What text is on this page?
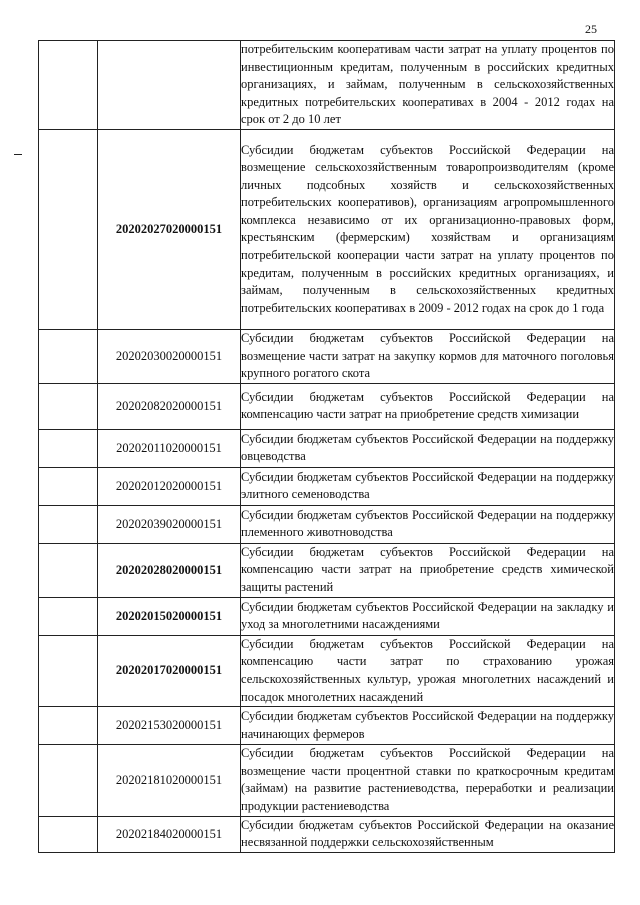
25

		потребительским кооперативам части затрат на уплату процентов по инвестиционным кредитам, полученным в российских кредитных организациях, и займам, полученным в сельскохозяйственных кредитных потребительских кооперативах в 2004 - 2012 годах на срок от 2 до 10 лет

	20202027020000151	Субсидии бюджетам субъектов Российской Федерации на возмещение сельскохозяйственным товаропроизводителям (кроме личных подсобных хозяйств и сельскохозяйственных потребительских кооперативов), организациям агропромышленного комплекса независимо от их организационно-правовых форм, крестьянским (фермерским) хозяйствам и организациям потребительской кооперации части затрат на уплату процентов по кредитам, полученным в российских кредитных организациях, и займам, полученным в сельскохозяйственных кредитных потребительских кооперативах в 2009 - 2012 годах на срок до 1 года

	20202030020000151	Субсидии бюджетам субъектов Российской Федерации на возмещение части затрат на закупку кормов для маточного поголовья крупного рогатого скота

	20202082020000151	Субсидии бюджетам субъектов Российской Федерации на компенсацию части затрат на приобретение средств химизации

	20202011020000151	Субсидии бюджетам субъектов Российской Федерации на поддержку овцеводства

	20202012020000151	Субсидии бюджетам субъектов Российской Федерации на поддержку элитного семеноводства

	20202039020000151	Субсидии бюджетам субъектов Российской Федерации на поддержку племенного животноводства

	20202028020000151	Субсидии бюджетам субъектов Российской Федерации на компенсацию части затрат на приобретение средств химической защиты растений

	20202015020000151	Субсидии бюджетам субъектов Российской Федерации на закладку и уход за многолетними насаждениями

	20202017020000151	Субсидии бюджетам субъектов Российской Федерации на компенсацию части затрат по страхованию урожая сельскохозяйственных культур, урожая многолетних насаждений и посадок многолетних насаждений

	20202153020000151	Субсидии бюджетам субъектов Российской Федерации на поддержку начинающих фермеров

	20202181020000151	Субсидии бюджетам субъектов Российской Федерации на возмещение части процентной ставки по краткосрочным кредитам (займам) на развитие растениеводства, переработки и реализации продукции растениеводства

	20202184020000151	Субсидии бюджетам субъектов Российской Федерации на оказание несвязанной поддержки сельскохозяйственным
